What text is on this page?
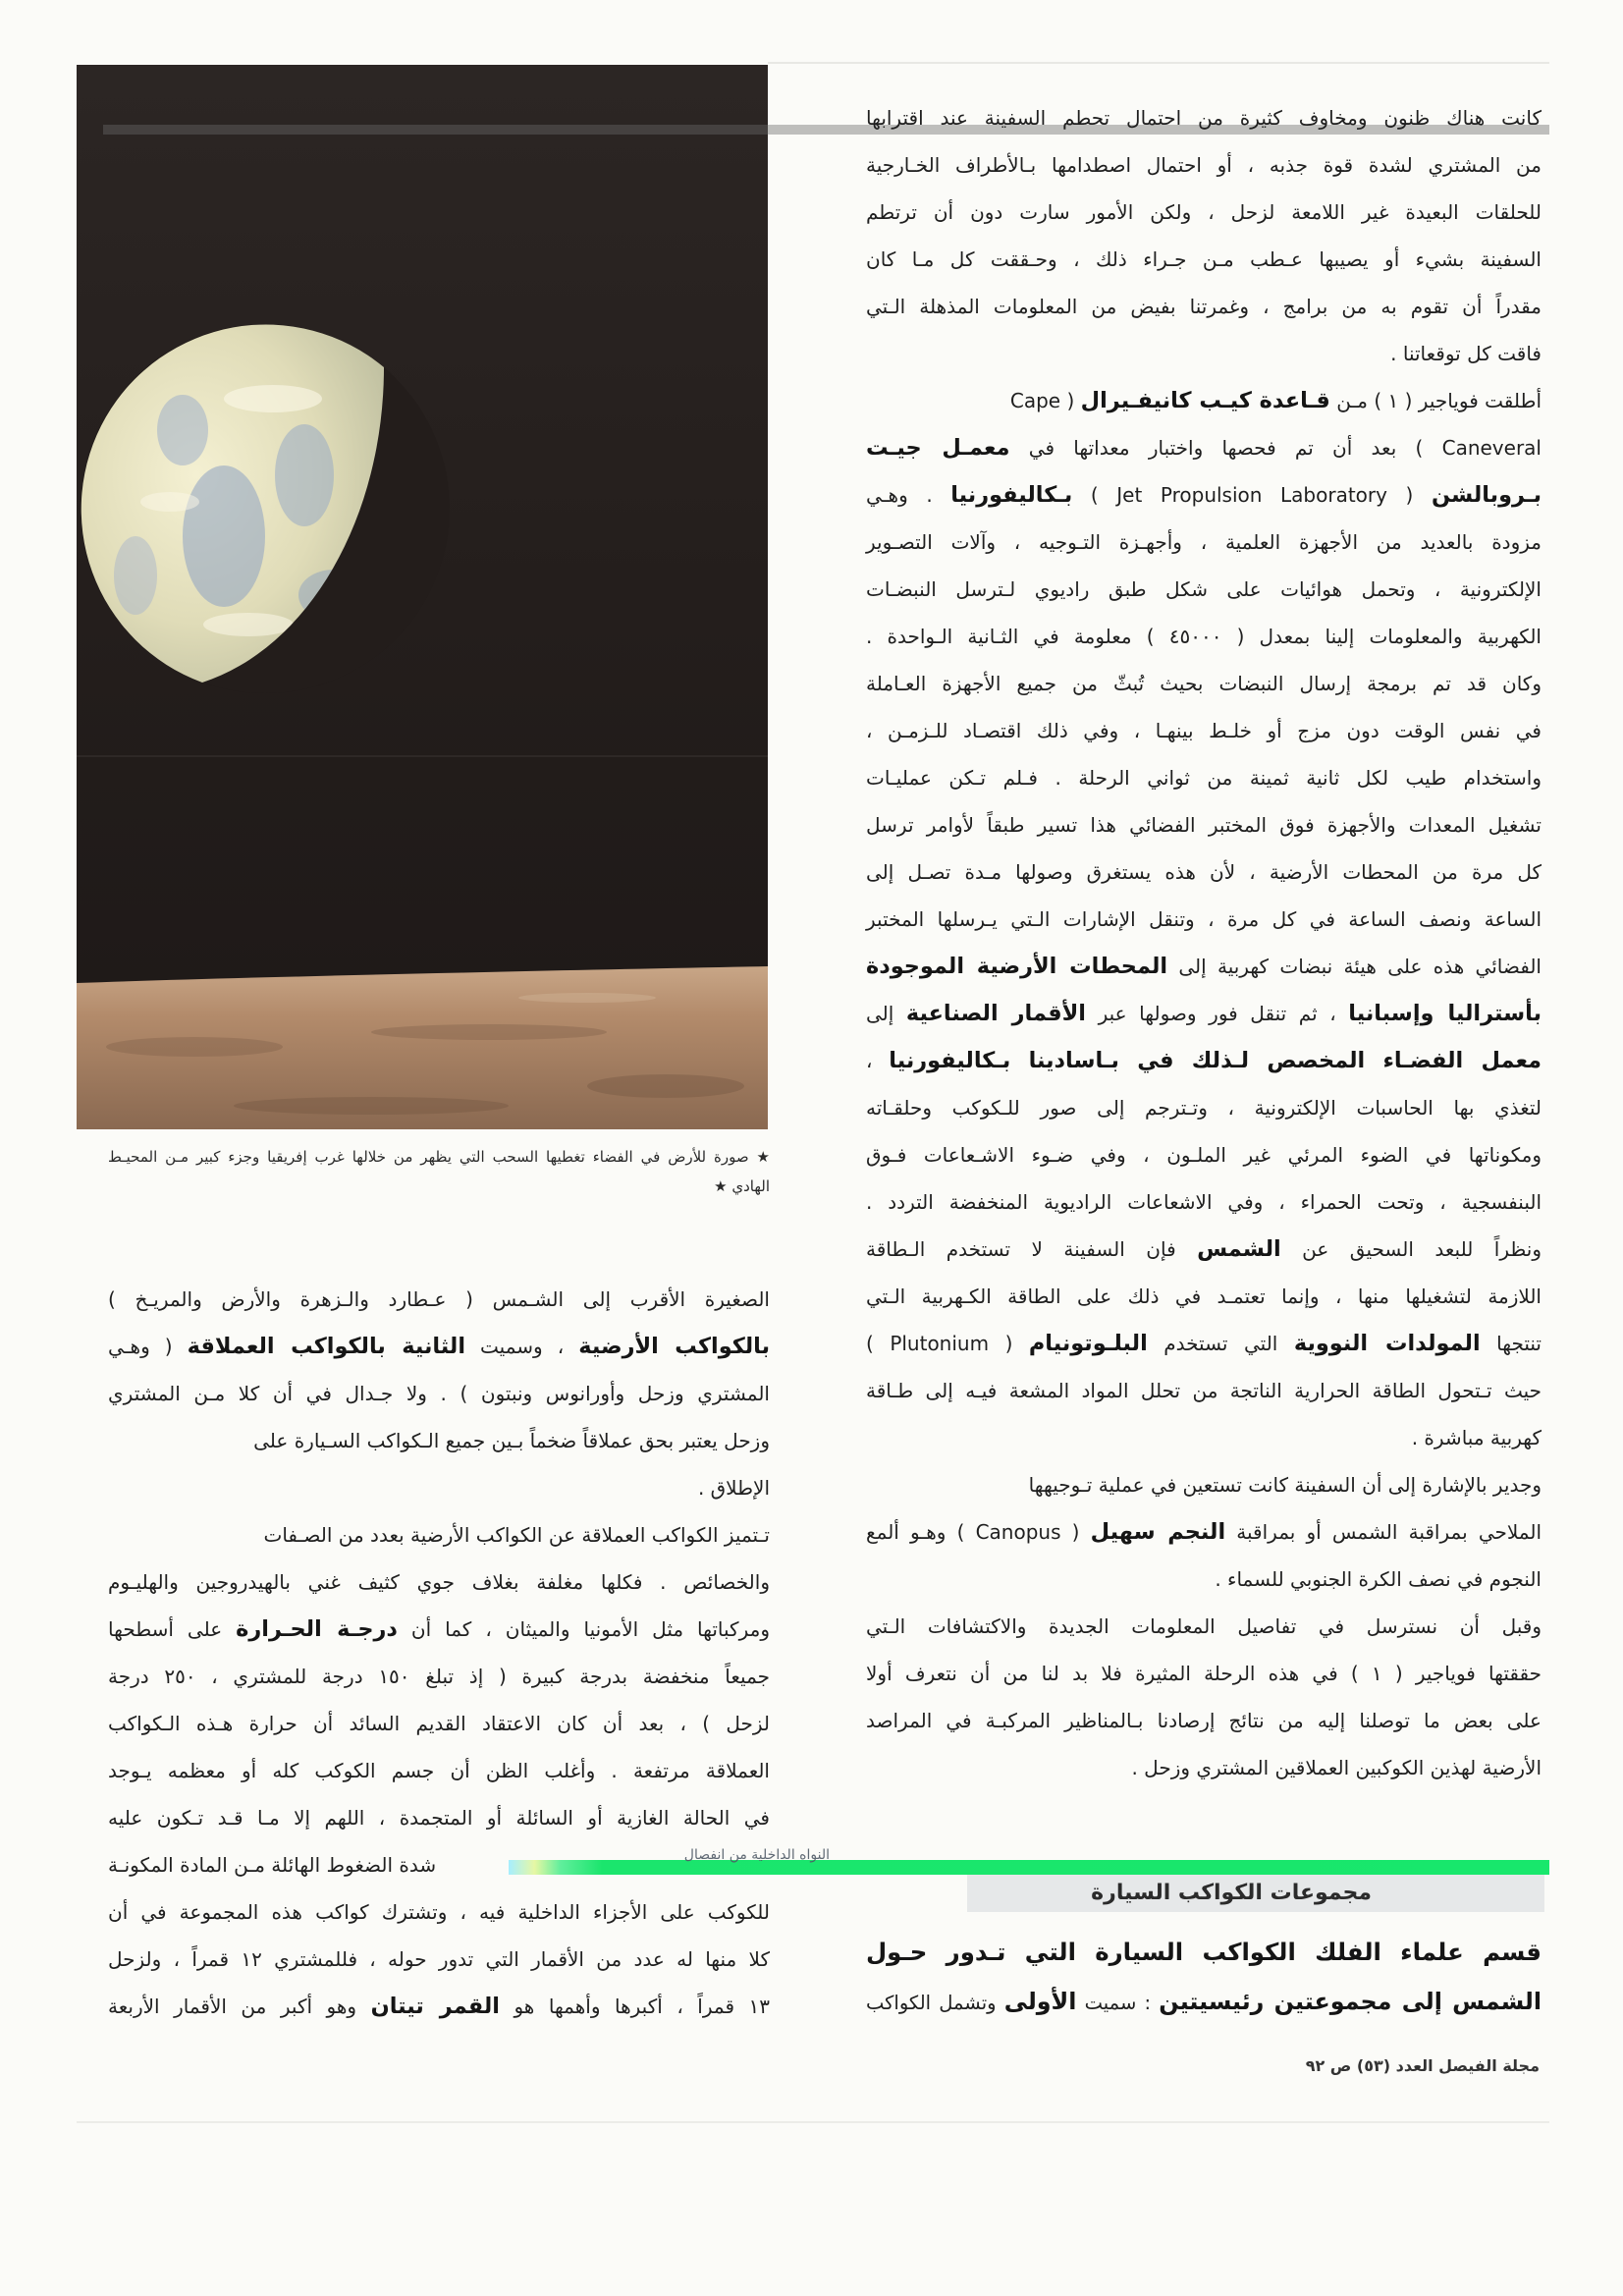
كانت هناك ظنون ومخاوف كثيرة من احتمال تحطم السفينة عند اقترابها
من المشتري لشدة قوة جذبه ، أو احتمال اصطدامها بـالأطراف الخـارجية
للحلقات البعيدة غير اللامعة لزحل ، ولكن الأمور سارت دون أن ترتطم
السفينة بشيء أو يصيبها عـطب مـن جـراء ذلك ، وحـققت كل مـا كان
مقدراً أن تقوم به من برامج ، وغمرتنا بفيض من المعلومات المذهلة الـتي
فاقت كل توقعاتنا .
أطلقت فوياجير ( ١ ) مـن قـاعدة كيـب كانيفـيرال ( Cape
Caneveral ) بعد أن تم فحصها واختبار معداتها في معمـل جيـت
بـروبالشن ( Jet Propulsion Laboratory ) بـكاليفورنيا . وهـي
مزودة بالعديد من الأجهزة العلمية ، وأجهـزة التـوجيه ، وآلات التصـوير
الإلكترونية ، وتحمل هوائيات على شكل طبق راديوي لـترسل النبضـات
الكهربية والمعلومات إلينا بمعدل ( ٤٥٠٠٠ ) معلومة في الثـانية الـواحدة .
وكان قد تم برمجة إرسال النبضات بحيث تُبثّ من جميع الأجهزة العـاملة
في نفس الوقت دون مزج أو خلـط بينهـا ، وفي ذلك اقتصـاد للـزمـن ،
واستخدام طيب لكل ثانية ثمينة من ثواني الرحلة . فـلم تـكن عمليـات
تشغيل المعدات والأجهزة فوق المختبر الفضائي هذا تسير طبقاً لأوامر ترسل
كل مرة من المحطات الأرضية ، لأن هذه يستغرق وصولها مـدة تصـل إلى
الساعة ونصف الساعة في كل مرة ، وتنقل الإشارات الـتي يـرسلها المختبر
الفضائي هذه على هيئة نبضات كهربية إلى المحطات الأرضية الموجودة
بأستراليا وإسبانيا ، ثم تنقل فور وصولها عبر الأقمار الصناعية إلى
معمل الفضـاء المخصص لـذلك في بـاسادينا بـكاليفورنيا ،
لتغذي بها الحاسبات الإلكترونية ، وتـترجم إلى صور للـكوكب وحلقـاته
ومكوناتها في الضوء المرئي غير الملـون ، وفي ضـوء الاشـعاعات فـوق
البنفسجية ، وتحت الحمراء ، وفي الاشعاعات الراديوية المنخفضة التردد .
ونظراً للبعد السحيق عن الشمس فإن السفينة لا تستخدم الـطاقة
اللازمة لتشغيلها منها ، وإنما تعتمـد في ذلك على الطاقة الكـهربية الـتي
تنتجها المولدات النووية التي تستخدم البلـوتونيام ( Plutonium )
حيث تـتحول الطاقة الحرارية الناتجة من تحلل المواد المشعة فيـه إلى طـاقة
كهربية مباشرة .
وجدير بالإشارة إلى أن السفينة كانت تستعين في عملية تـوجيهها
الملاحي بمراقبة الشمس أو بمراقبة النجم سهيل ( Canopus ) وهـو ألمع
النجوم في نصف الكرة الجنوبي للسماء .
وقبل أن نسترسل في تفاصيل المعلومات الجديدة والاكتشافات الـتي
حققتها فوياجير ( ١ ) في هذه الرحلة المثيرة فلا بد لنا من أن نتعرف أولا
على بعض ما توصلنا إليه من نتائج إرصادنا بـالمناظير المركبـة في المراصد
الأرضية لهذين الكوكبين العملاقين المشتري وزحل .
★ صورة للأرض في الفضاء تغطيها السحب التي يظهر من خلالها غرب إفريقيا وجزء كبير مـن المحيـط
الهادي ★
الصغيرة الأقرب إلى الشـمس ( عـطارد والـزهرة والأرض والمريـخ )
بالكواكب الأرضية ، وسميت الثانية بالكواكب العملاقة ( وهـي
المشتري وزحل وأورانوس ونبتون ) . ولا جـدال في أن كلا مـن المشتري
وزحل يعتبر بحق عملاقاً ضخماً بـين جميع الـكواكب السـيارة على
الإطلاق .
تـتميز الكواكب العملاقة عن الكواكب الأرضية بعدد من الصـفات
والخصائص . فكلها مغلفة بغلاف جوي كثيف غني بالهيدروجين والهليـوم
ومركباتها مثل الأمونيا والميثان ، كما أن درجـة الحـرارة على أسطحها
جميعاً منخفضة بدرجة كبيرة ( إذ تبلغ ١٥٠ درجة للمشتري ، ٢٥٠ درجة
لزحل ) ، بعد أن كان الاعتقاد القديم السائد أن حرارة هـذه الـكواكب
العملاقة مرتفعة . وأغلب الظن أن جسم الكوكب كله أو معظمه يـوجد
في الحالة الغازية أو السائلة أو المتجمدة ، اللهم إلا مـا قـد تـكون عليه
شدة الضغوط الهائلة مـن المادة المكونـة
للكوكب على الأجزاء الداخلية فيه ، وتشترك كواكب هذه المجموعة في أن
كلا منها له عدد من الأقمار التي تدور حوله ، فللمشتري ١٢ قمراً ، ولزحل
١٣ قمراً ، أكبرها وأهمها هو القمر تيتان وهو أكبر من الأقمار الأربعة
النواه الداخلية من انفصال
مجموعات الكواكب السيارة
قسم علماء الفلك الكواكب السيارة التي تـدور حـول
الشمس إلى مجموعتين رئيسيتين : سميت الأولى وتشمل الكواكب
مجلة الفيصل العدد (٥٣) ص ٩٢
